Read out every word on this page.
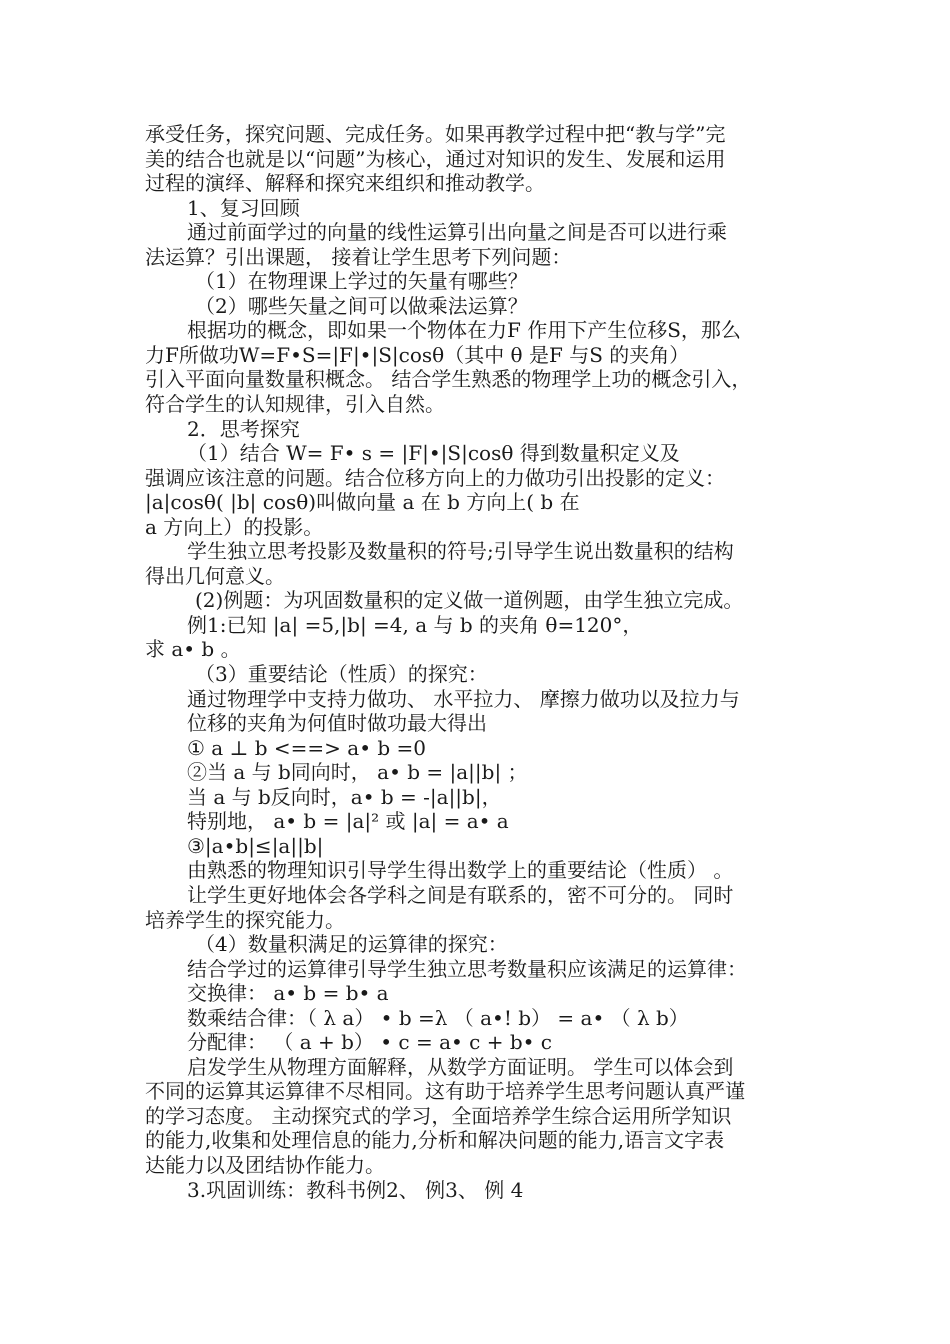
承受任务，探究问题、完成任务。如果再教学过程中把“教与学”完
美的结合也就是以“问题”为核心，通过对知识的发生、发展和运用
过程的演绎、解释和探究来组织和推动教学。
1、复习回顾
通过前面学过的向量的线性运算引出向量之间是否可以进行乘
法运算？引出课题， 接着让学生思考下列问题：
（1）在物理课上学过的矢量有哪些？
（2）哪些矢量之间可以做乘法运算？
根据功的概念，即如果一个物体在力F 作用下产生位移S，那么
力F所做功W=F•S=|F|•|S|cosθ（其中 θ 是F 与S 的夹角）
引入平面向量数量积概念。 结合学生熟悉的物理学上功的概念引入，
符合学生的认知规律，引入自然。
2．思考探究
（1）结合 W= F• s = |F|•|S|cosθ 得到数量积定义及
强调应该注意的问题。结合位移方向上的力做功引出投影的定义：
|a|cosθ( |b| cosθ)叫做向量 a 在 b 方向上( b 在
a 方向上）的投影。
学生独立思考投影及数量积的符号;引导学生说出数量积的结构
得出几何意义。
(2)例题：为巩固数量积的定义做一道例题，由学生独立完成。
例1:已知 |a| =5,|b| =4, a 与 b 的夹角 θ=120°，
求 a• b 。
（3）重要结论（性质）的探究：
通过物理学中支持力做功、 水平拉力、 摩擦力做功以及拉力与
位移的夹角为何值时做功最大得出
① a ⊥ b <==> a• b =0
②当 a 与 b同向时， a• b = |a||b| ；
当 a 与 b反向时，a• b = -|a||b|，
特别地， a• b = |a|² 或 |a| = a• a
③|a•b|≤|a||b|
由熟悉的物理知识引导学生得出数学上的重要结论（性质） 。
让学生更好地体会各学科之间是有联系的，密不可分的。 同时
培养学生的探究能力。
（4）数量积满足的运算律的探究：
结合学过的运算律引导学生独立思考数量积应该满足的运算律：
交换律： a• b = b• a
数乘结合律：（ λ a） • b =λ （ a•! b） = a• （ λ b）
分配律： （ a + b） • c = a• c + b• c
启发学生从物理方面解释，从数学方面证明。 学生可以体会到
不同的运算其运算律不尽相同。这有助于培养学生思考问题认真严谨
的学习态度。 主动探究式的学习，全面培养学生综合运用所学知识
的能力,收集和处理信息的能力,分析和解决问题的能力,语言文字表
达能力以及团结协作能力。
3.巩固训练：教科书例2、 例3、 例 4
